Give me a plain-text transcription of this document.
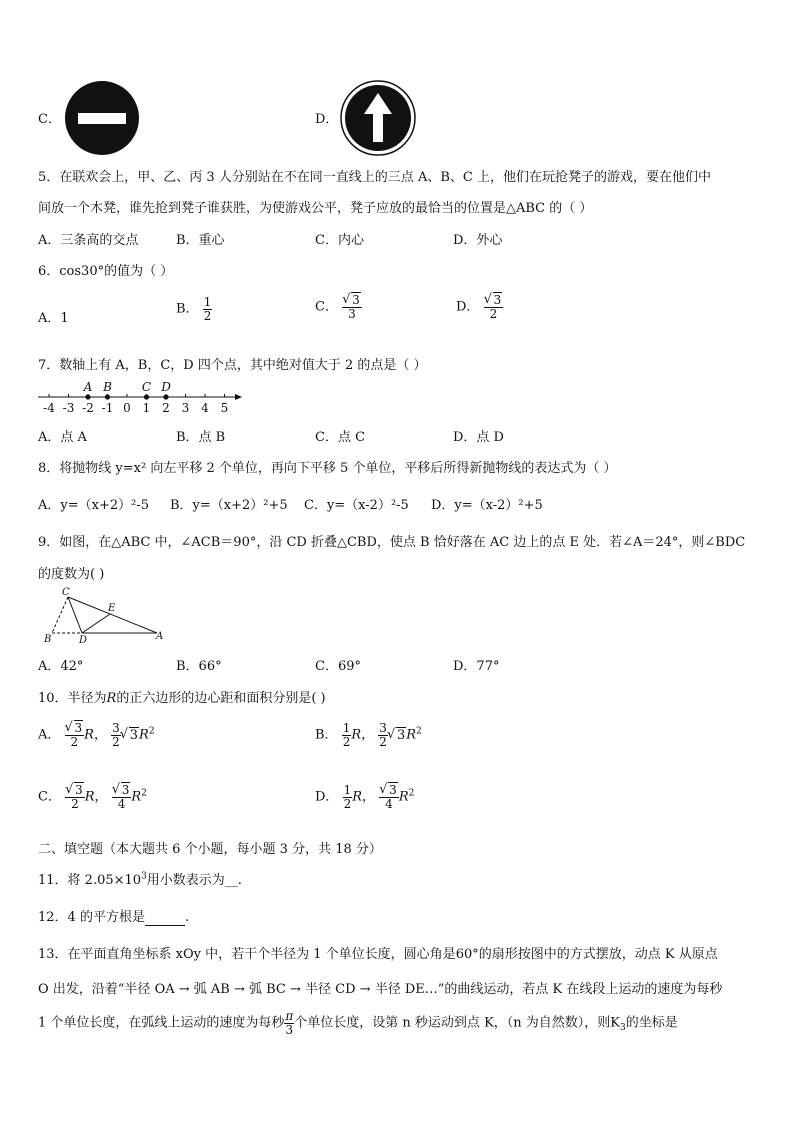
C．	D．
5．在联欢会上，甲、乙、丙 3 人分别站在不在同一直线上的三点 A、B、C 上，他们在玩抢凳子的游戏，要在他们中
间放一个木凳，谁先抢到凳子谁获胜，为使游戏公平，凳子应放的最恰当的位置是△ABC 的（ ）
A．三条高的交点	B．重心	C．内心	D．外心
6．cos30°的值为（ ）
A．1
B． $\frac{1}{2}$	C． √ $\frac{3}{3}$	D． √ $\frac{3}{2}$
7．数轴上有 A，B，C，D 四个点，其中绝对值大于 2 的点是（ ）
-4 -3 -2 -1 0 1 2 3 4 5
A B C D
A．点 A	B．点 B	C．点 C	D．点 D
8．将抛物线 y=x² 向左平移 2 个单位，再向下平移 5 个单位，平移后所得新抛物线的表达式为（ ）
A．y=（x+2）²-5 B．y=（x+2）²+5 C．y=（x-2）²-5 D．y=（x-2）²+5
9．如图，在△ABC 中，∠ACB＝90°，沿 CD 折叠△CBD，使点 B 恰好落在 AC 边上的点 E 处．若∠A＝24°，则∠BDC
的度数为( )
C
E
B	D	A
A．42°	B．66°	C．69°	D．77°
10．半径为R的正六边形的边心距和面积分别是( )
A． √ $\frac{3}{2}$ R， $\frac{3}{2}$ √ $3R^2$	B． $\frac{1}{2}$ R， $\frac{3}{2}$ √ $3R^2$
C． √ $\frac{3}{2}$ R， √ $\frac{3}{4} R^2$	D． $\frac{1}{2}$ R， √ $\frac{3}{4} R^2$
二、填空题（本大题共 6 个小题，每小题 3 分，共 18 分）
11．将 $2.05\times 10^3$用小数表示为__.
12．4 的平方根是	.
13．在平面直角坐标系 xOy 中，若干个半径为 1 个单位长度，圆心角是60°的扇形按图中的方式摆放，动点 K 从原点
O 出发，沿着“半径 OA → 弧 AB → 弧 BC → 半径 CD → 半径 DE…”的曲线运动，若点 K 在线段上运动的速度为每秒
1 个单位长度，在弧线上运动的速度为每秒 $\frac{\pi}{3}$ 个单位长度，设第 n 秒运动到点 K，（n 为自然数），则$K_3$的坐标是
